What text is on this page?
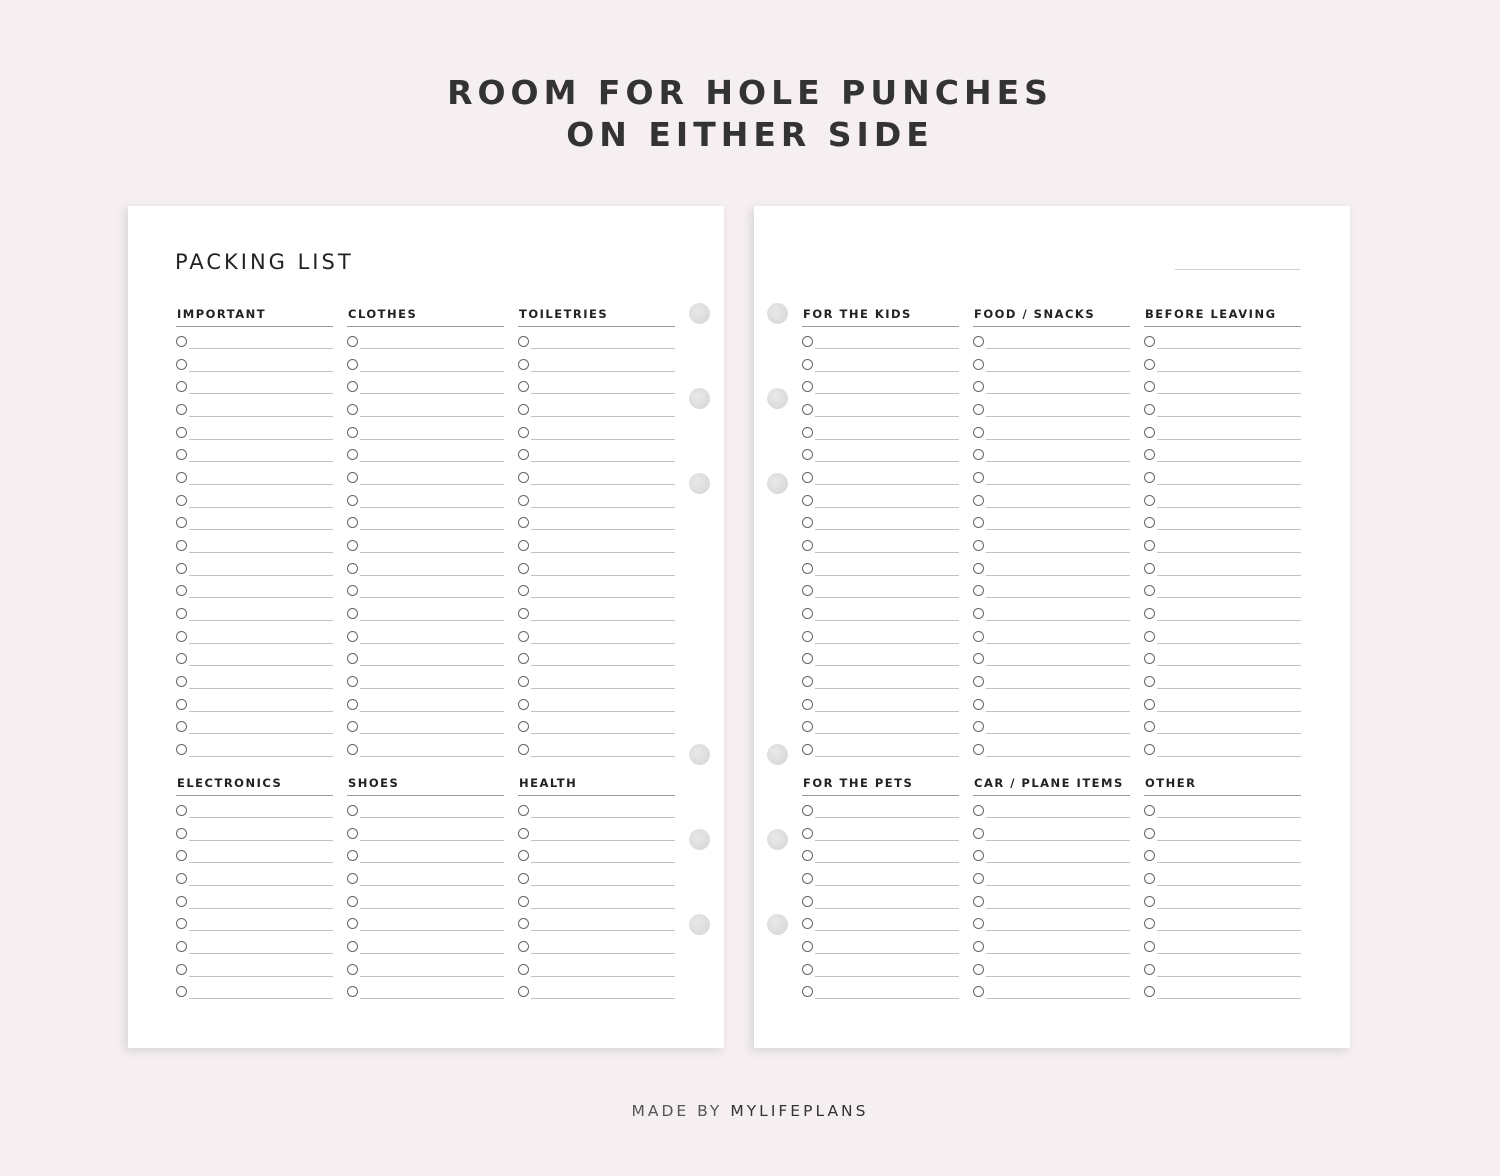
ROOM FOR HOLE PUNCHES
ON EITHER SIDE
PACKING LIST
IMPORTANT	CLOTHES	TOILETRIES
ELECTRONICS	SHOES	HEALTH
FOR THE KIDS	FOOD / SNACKS	BEFORE LEAVING
FOR THE PETS	CAR / PLANE ITEMS	OTHER
MADE BY MYLIFEPLANS
